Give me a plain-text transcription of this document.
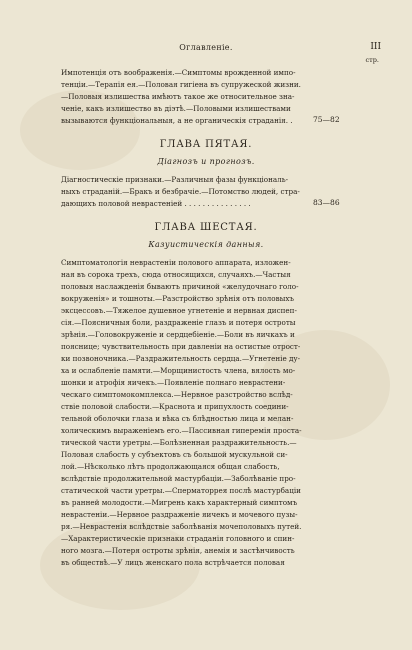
Оглавленіе.	III
стр.
Импотенція отъ воображенія.—Симптомы врожденной импо-
тенціи.—Терапія ея.—Половая гигіена въ супружеской жизни.
—Половыя излишества имѣютъ такое же относительное зна-
ченіе, какъ излишество въ діэтѣ.—Половыми излишествами
вызываются функціональныя, а не органическія страданія. .	75—82
ГЛАВА ПЯТАЯ.
Діагнозъ и прогнозъ.
Діагностическіе признаки.—Различныя фазы функціональ-
ныхъ страданій.—Бракъ и безбрачіе.—Потомство людей, стра-
дающихъ половой неврастеніей . . . . . . . . . . . . . . .	83—86
ГЛАВА ШЕСТАЯ.
Казуистическія данныя.
Симптоматологія неврастеніи полового аппарата, изложен-
ная въ сорока трехъ, сюда относящихся, случаяхъ.—Частыя
половыя наслажденія бываютъ причиной «желудочнаго голо-
вокруженія» и тошноты.—Разстройство зрѣнія отъ половыхъ
эксцессовъ.—Тяжелое душевное угнетеніе и нервная диспеп-
сія.—Поясничныя боли, раздраженіе глазъ и потеря остроты
зрѣнія.—Головокруженіе и сердцебіеніе.—Боли въ яичкахъ и
пояснице; чувствительность при давленіи на остистые отрост-
ки позвоночника.—Раздражительность сердца.—Угнетеніе ду-
ха и ослабленіе памяти.—Морщинистость члена, вялость мо-
шонки и атрофія яичекъ.—Появленіе полнаго неврастени-
ческаго симптомокомплекса.—Нервное разстройство вслѣд-
ствіе половой слабости.—Краснота и припухлость соедини-
тельной оболочки глаза и вѣка съ блѣдностью лица и мелан-
холическимъ выраженіемъ его.—Пассивная гиперемія проста-
тической части уретры.—Болѣзненная раздражительность.—
Половая слабость у субъектовъ съ большой мускульной си-
лой.—Нѣсколько лѣтъ продолжающаяся общая слабость,
вслѣдствіе продолжительной мастурбаціи.—Заболѣваніе про-
статической части уретры.—Сперматоррея послѣ мастурбаціи
въ ранней молодости.—Мигрень какъ характерный симптомъ
неврастеніи.—Нервное раздраженіе яичекъ и мочевого пузы-
ря.—Неврастенія вслѣдствіе заболѣванія мочеполовыхъ путей.
—Характеристическіе признаки страданія головного и спин-
ного мозга.—Потеря остроты зрѣнія, анемія и застѣнчивость
въ обществѣ.—У лицъ женскаго пола встрѣчается половая
